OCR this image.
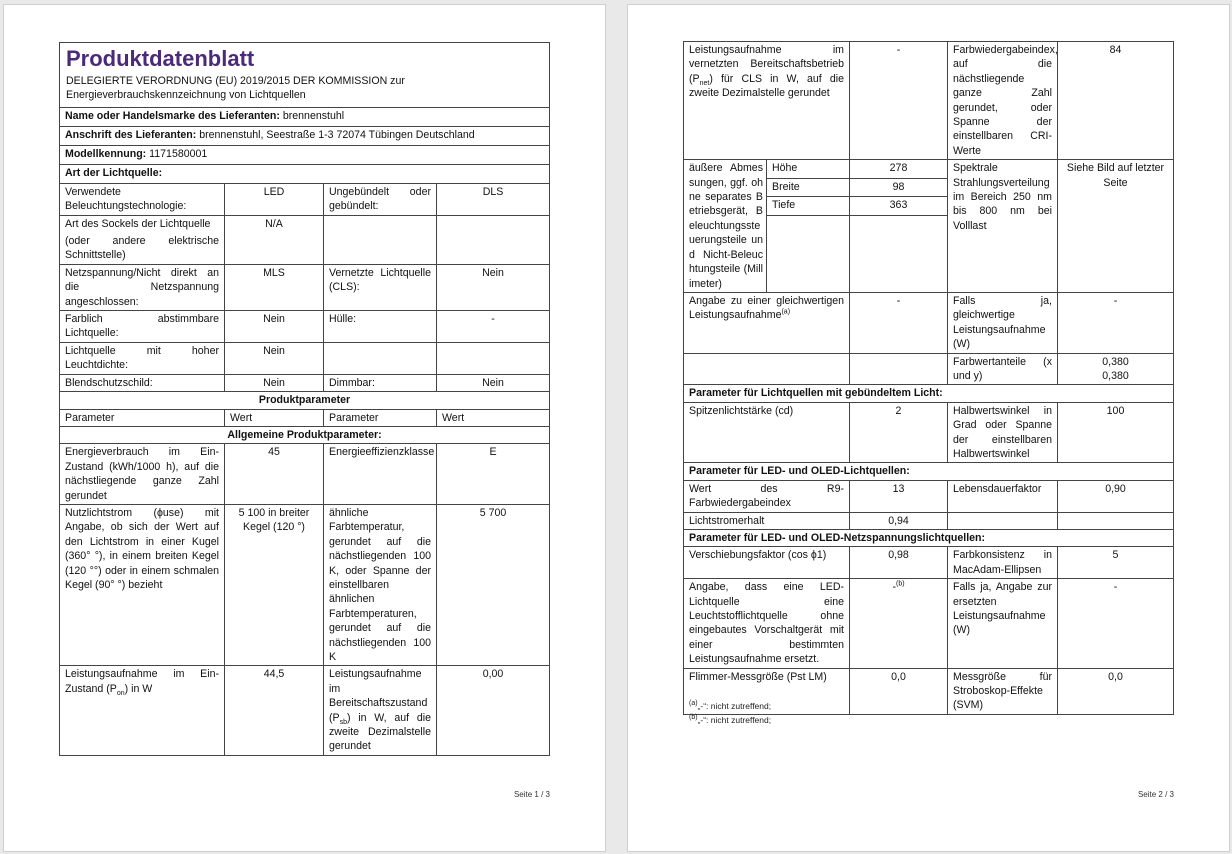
Produktdatenblatt
DELEGIERTE VERORDNUNG (EU) 2019/2015 DER KOMMISSION zur Energieverbrauchskennzeichnung von Lichtquellen			

Name oder Handelsmarke des Lieferanten: brennenstuhl			
Anschrift des Lieferanten: brennenstuhl, Seestraße 1-3 72074 Tübingen Deutschland			
Modellkennung: 1171580001			
Art der Lichtquelle:			
Verwendete Beleuchtungstechnologie:	LED	Ungebündelt oder gebündelt:	DLS

Art des Sockels der Lichtquelle
(oder andere elektrische Schnittstelle)	N/A		
Netzspannung/Nicht direkt an die Netzspannung angeschlossen:	MLS	Vernetzte Lichtquelle (CLS):	Nein
Farblich abstimmbare Lichtquelle:	Nein	Hülle:	-
Lichtquelle mit hoher Leuchtdichte:	Nein		
Blendschutzschild:	Nein	Dimmbar:	Nein
Produktparameter			
Parameter	Wert	Parameter	Wert
Allgemeine Produktparameter:			
Energieverbrauch im Ein-Zustand (kWh/1000 h), auf die nächstliegende ganze Zahl gerundet	45	Energieeffizienzklasse	E
Nutzlichtstrom (ϕuse) mit Angabe, ob sich der Wert auf den Lichtstrom in einer Kugel (360° °), in einem breiten Kegel (120 °°) oder in einem schmalen Kegel (90° °) bezieht	5 100 in breiter Kegel (120 °)	ähnliche Farbtemperatur, gerundet auf die nächstliegenden 100 K, oder Spanne der einstellbaren ähnlichen Farbtemperaturen, gerundet auf die nächstliegenden 100 K	5 700
Leistungsaufnahme im Ein-Zustand $(P_{on})$ in W	44,5	Leistungsaufnahme im Bereitschaftszustand $(P_{sb})$ in W, auf die zweite Dezimalstelle gerundet	0,00
Seite 1 / 3
Leistungsaufnahme im vernetzten Bereitschaftsbetrieb $(P_{net})$ für CLS in W, auf die zweite Dezimalstelle gerundet		-	Farbwiedergabeindex, auf die nächstliegende ganze Zahl gerundet, oder Spanne der einstellbaren CRI-Werte	84
äußere Abmessungen, ggf. ohne separates Betriebsgerät, Beleuchtungssteuerungsteile und Nicht-Beleuchtungsteile (Millimeter)	Höhe	278	Spektrale Strahlungsverteilung im Bereich 250 nm bis 800 nm bei Volllast	Siehe Bild auf letzter Seite
	Breite	98		
	Tiefe	363		

Angabe zu einer gleichwertigen Leistungsaufnahme$^{(a)}$		-	Falls ja, gleichwertige Leistungsaufnahme (W)	-
			Farbwertanteile (x und y)	0,380
0,380

Parameter für Lichtquellen mit gebündeltem Licht:				
Spitzenlichtstärke (cd)		2	Halbwertswinkel in Grad oder Spanne der einstellbaren Halbwertswinkel	100
Parameter für LED- und OLED-Lichtquellen:				
Wert des R9-Farbwiedergabeindex		13	Lebensdauerfaktor	0,90
Lichtstromerhalt		0,94		
Parameter für LED- und OLED-Netzspannungslichtquellen:				
Verschiebungsfaktor (cos ϕ1)		0,98	Farbkonsistenz in MacAdam-Ellipsen	5
Angabe, dass eine LED-Lichtquelle eine Leuchtstofflichtquelle ohne eingebautes Vorschaltgerät mit einer bestimmten Leistungsaufnahme ersetzt.		-$^{(b)}$	Falls ja, Angabe zur ersetzten Leistungsaufnahme (W)	-
Flimmer-Messgröße (Pst LM)		0,0	Messgröße für Stroboskop-Effekte (SVM)	0,0
$^{(a)}$„-“: nicht zutreffend;
$^{(b)}$„-“: nicht zutreffend;
Seite 2 / 3
